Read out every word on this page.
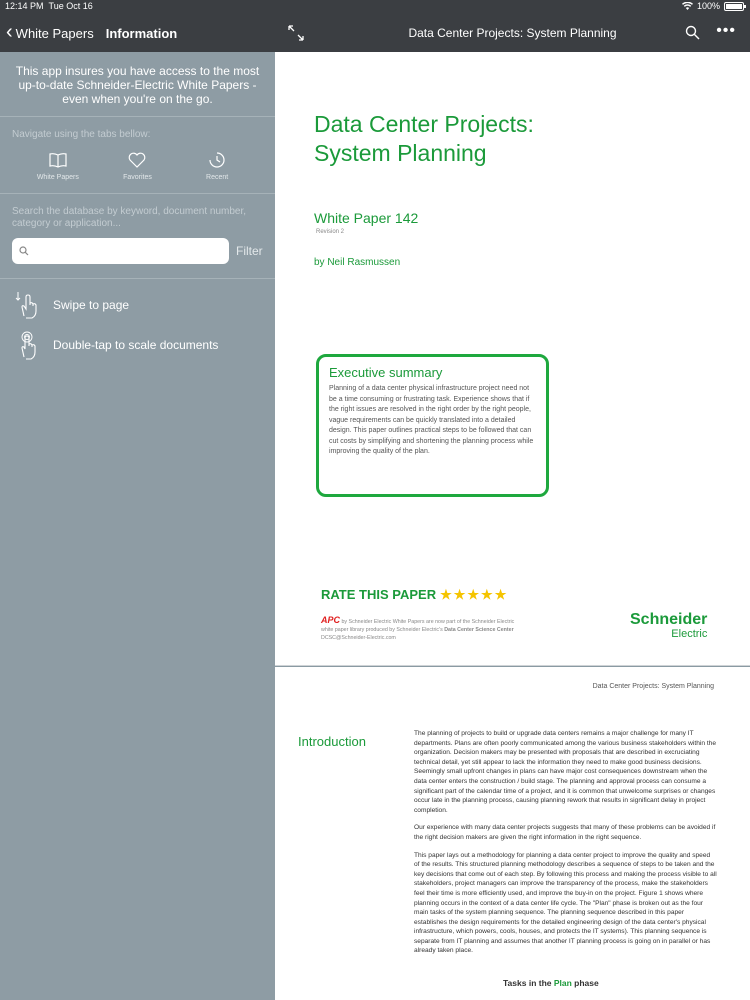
12:14 PM Tue Oct 16	100%
‹ White Papers Information
This app insures you have access to the most up-to-date Schneider-Electric White Papers - even when you're on the go.
Navigate using the tabs bellow:
White Papers	Favorites	Recent
Search the database by keyword, document number, category or application...
Filter
Swipe to page
Double-tap to scale documents
Data Center Projects: System Planning	•••
Data Center Projects:
System Planning
White Paper 142
Revision 2
by Neil Rasmussen
Executive summary

Planning of a data center physical infrastructure project need not be a time consuming or frustrating task. Experience shows that if the right issues are resolved in the right order by the right people, vague requirements can be quickly translated into a detailed design. This paper outlines practical steps to be followed that can cut costs by simplifying and shortening the planning process while improving the quality of the plan.

RATE THIS PAPER ★★★★★
APC by Schneider Electric White Papers are now part of the Schneider Electric
white paper library produced by Schneider Electric's Data Center Science Center
DCSC@Schneider-Electric.com
Schneider
Electric
Data Center Projects: System Planning
Introduction

The planning of projects to build or upgrade data centers remains a major challenge for many IT departments. Plans are often poorly communicated among the various business stakeholders within the organization. Decision makers may be presented with proposals that are described in excruciating technical detail, yet still appear to lack the information they need to make good business decisions. Seemingly small upfront changes in plans can have major cost consequences downstream when the data center enters the construction / build stage. The planning and approval process can consume a significant part of the calendar time of a project, and it is common that unwelcome surprises or changes occur late in the planning process, causing planning rework that results in significant delay in project completion.

Our experience with many data center projects suggests that many of these problems can be avoided if the right decision makers are given the right information in the right sequence.

This paper lays out a methodology for planning a data center project to improve the quality and speed of the results. This structured planning methodology describes a sequence of steps to be taken and the key decisions that come out of each step. By following this process and making the process visible to all stakeholders, project managers can improve the transparency of the process, make the stakeholders feel their time is more efficiently used, and improve the buy-in on the project. Figure 1 shows where planning occurs in the context of a data center life cycle. The "Plan" phase is broken out as the four main tasks of the system planning sequence. The planning sequence described in this paper establishes the design requirements for the detailed engineering design of the data center's physical infrastructure, which powers, cools, houses, and protects the IT systems). This planning sequence is separate from IT planning and assumes that another IT planning process is going on in parallel or has already taken place.

Tasks in the Plan phase
